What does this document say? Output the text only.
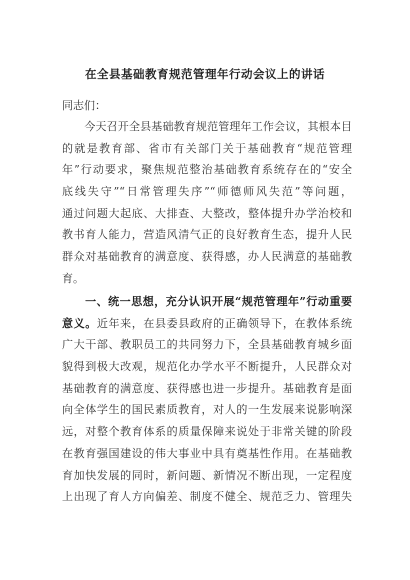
在全县基础教育规范管理年行动会议上的讲话
同志们：
　　今天召开全县基础教育规范管理年工作会议，其根本目
的就是教育部、省市有关部门关于基础教育“规范管理
年”行动要求，聚焦规范整治基础教育系统存在的“安全
底线失守”“日常管理失序”“师德师风失范”等问题，
通过问题大起底、大排查、大整改，整体提升办学治校和
教书育人能力，营造风清气正的良好教育生态，提升人民
群众对基础教育的满意度、获得感，办人民满意的基础教
育。
　　一、统一思想，充分认识开展“规范管理年”行动重要
意义。近年来，在县委县政府的正确领导下，在教体系统
广大干部、教职员工的共同努力下，全县基础教育城乡面
貌得到极大改观，规范化办学水平不断提升，人民群众对
基础教育的满意度、获得感也进一步提升。基础教育是面
向全体学生的国民素质教育，对人的一生发展来说影响深
远，对整个教育体系的质量保障来说处于非常关键的阶段
在教育强国建设的伟大事业中具有奠基性作用。在基础教
育加快发展的同时，新问题、新情况不断出现，一定程度
上出现了育人方向偏差、制度不健全、规范乏力、管理失
